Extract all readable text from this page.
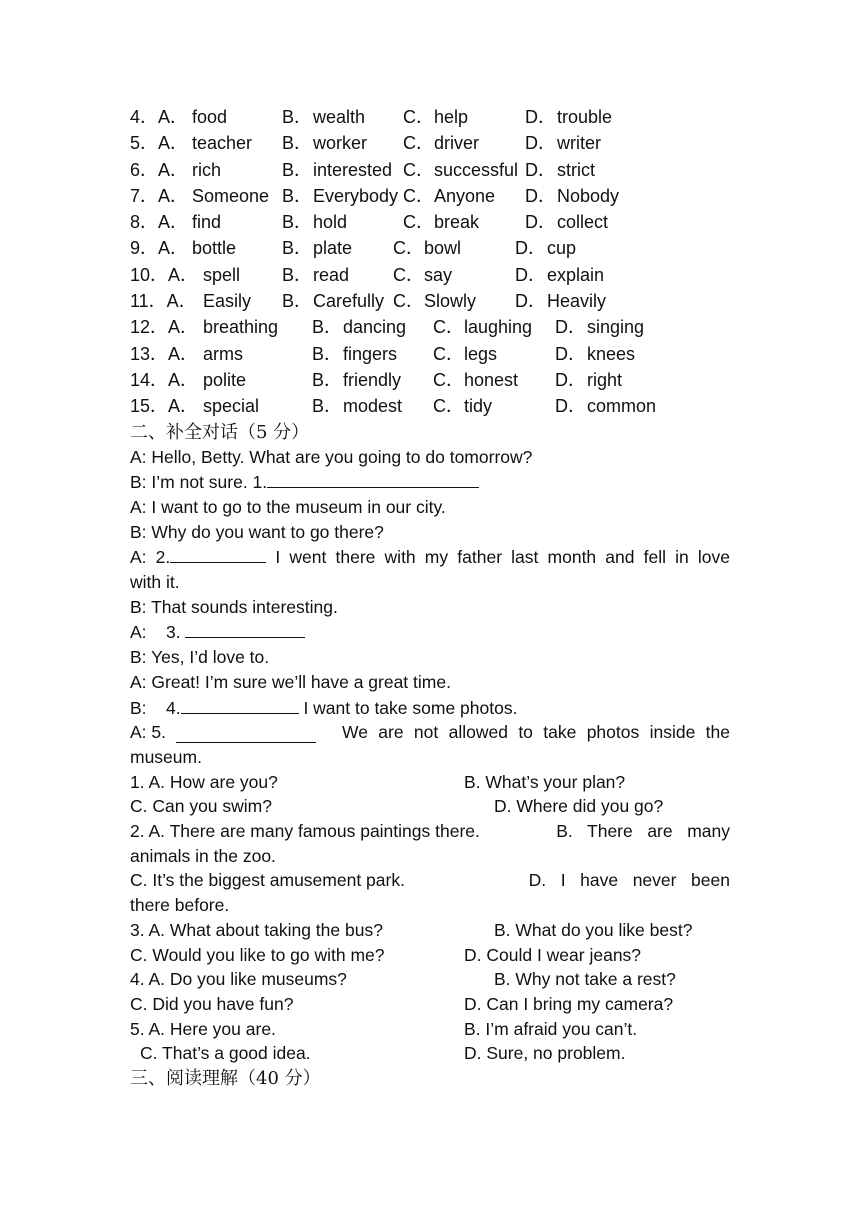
4．A． food	B． wealth C． help	D． trouble
5．A． teacher B． worker C． driver	D． writer
6．A． rich	B． interested C． successful D． strict
7．A． Someone B． Everybody C． Anyone D． Nobody
8．A． find	B． hold	C． break	D． collect
9．A． bottle	B． plate C． bowl	D． cup
10．A． spell B． read C． say	D． explain
11．A． Easily B． Carefully C． Slowly D． Heavily
12．A． breathing B． dancing C． laughing D． singing
13．A． arms	B． fingers C． legs	D． knees
14．A． polite	B． friendly C． honest D． right
15．A． special	B． modest C． tidy	D． common
二、补全对话（5 分）
A: Hello, Betty. What are you going to do tomorrow?
B: I’m not sure. 1.
A: I want to go to the museum in our city.
B: Why do you want to go there?
A: 2.	I went there with my father last month and fell in love
with it.
B: That sounds interesting.
A:    3.
B: Yes, I’d love to.
A: Great! I’m sure we’ll have a great time.
B:    4.	I want to take some photos.
A: 5.	We are not allowed to take photos inside the
museum.
1. A. How are you?	B. What’s your plan?
C. Can you swim?	D. Where did you go?
2. A. There are many famous paintings there.	B.   There   are   many
animals in the zoo.
C. It’s the biggest amusement park.	D.   I   have   never   been
there before.
3. A. What about taking the bus?	B. What do you like best?
C. Would you like to go with me?	D. Could I wear jeans?
4. A. Do you like museums?	B. Why not take a rest?
C. Did you have fun?	D. Can I bring my camera?
5. A. Here you are.	B. I’m afraid you can’t.
C. That’s a good idea.	D. Sure, no problem.
三、阅读理解（40 分）
